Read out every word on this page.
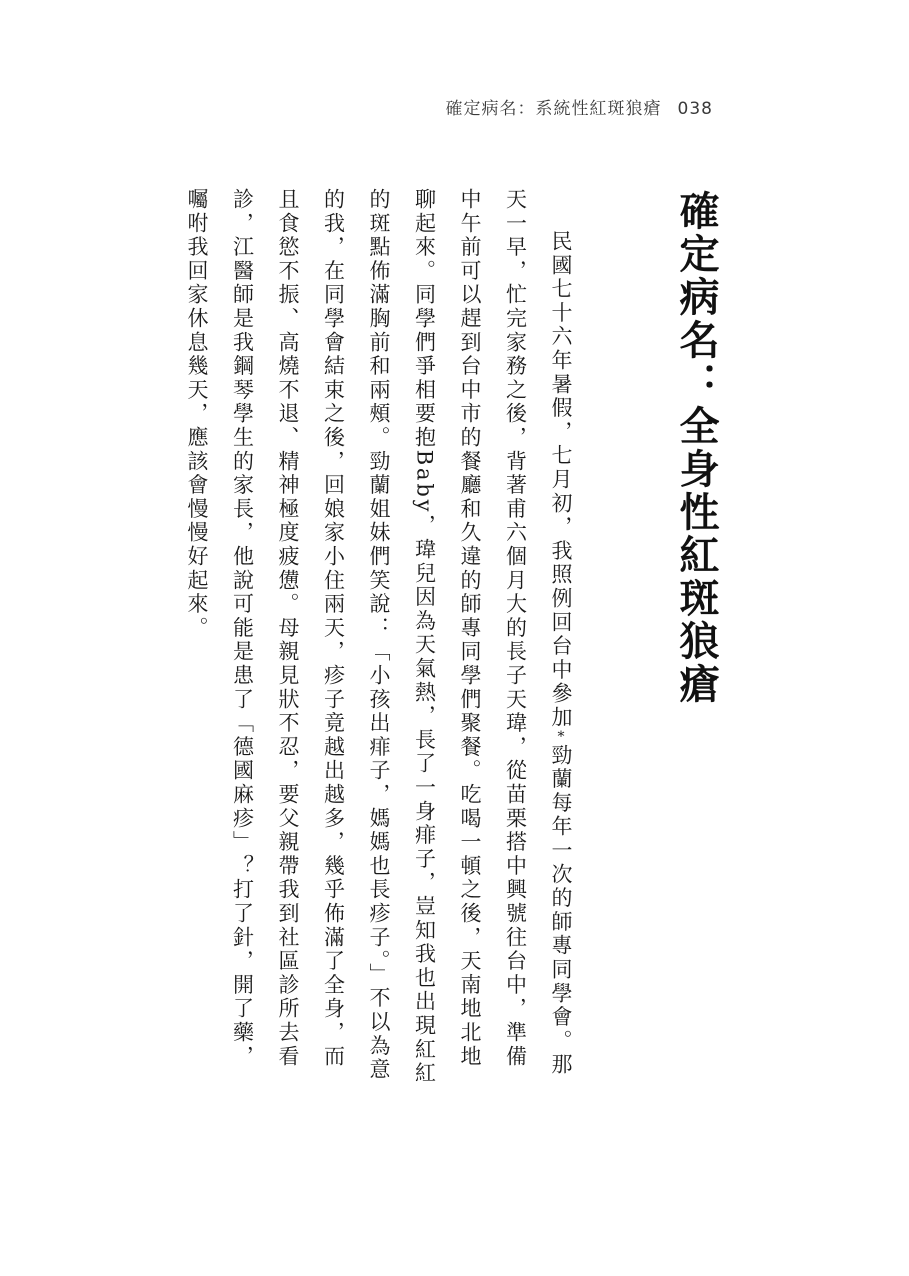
確定病名：系統性紅斑狼瘡 038
確定病名：全身性紅斑狼瘡

民國七十六年暑假，七月初，我照例回台中參加*勁蘭每年一次的師專同學會。那天一早，忙完家務之後，背著甫六個月大的長子天瑋，從苗栗搭中興號往台中，準備中午前可以趕到台中市的餐廳和久違的師專同學們聚餐。吃喝一頓之後，天南地北地聊起來。同學們爭相要抱Baby，瑋兒因為天氣熱，長了一身痱子，豈知我也出現紅紅的斑點佈滿胸前和兩頰。勁蘭姐妹們笑說：「小孩出痱子，媽媽也長疹子。」不以為意的我，在同學會結束之後，回娘家小住兩天，疹子竟越出越多，幾乎佈滿了全身，而且食慾不振、高燒不退、精神極度疲憊。母親見狀不忍，要父親帶我到社區診所去看診，江醫師是我鋼琴學生的家長，他說可能是患了「德國麻疹」？打了針，開了藥，囑咐我回家休息幾天，應該會慢慢好起來。
